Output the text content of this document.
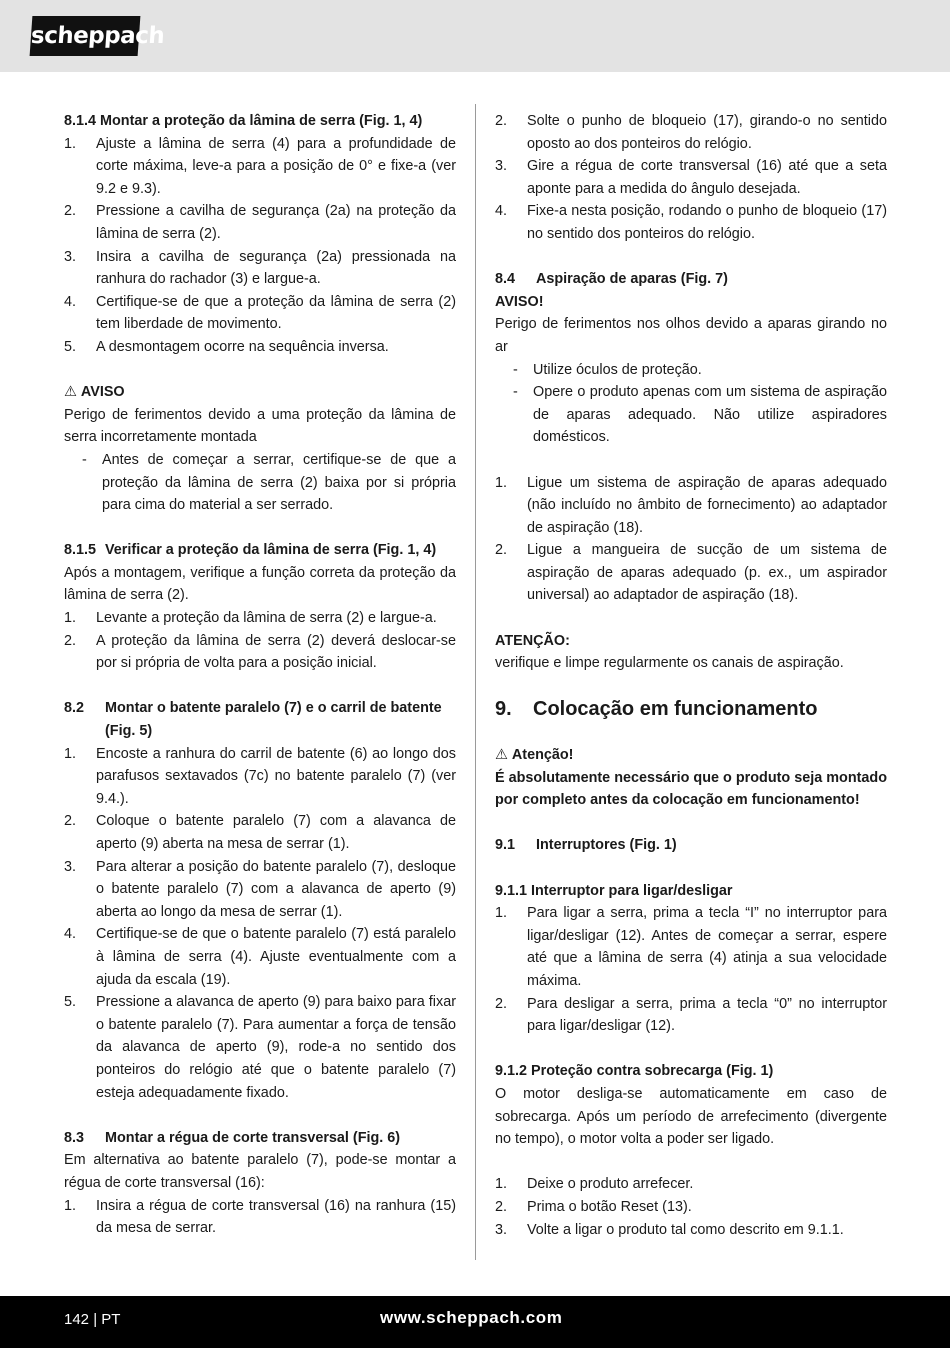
scheppach

8.1.4 Montar a proteção da lâmina de serra (Fig. 1, 4)

1.	Ajuste a lâmina de serra (4) para a profundidade de corte máxima, leve-a para a posição de 0° e fixe-a (ver 9.2 e 9.3).
2.	Pressione a cavilha de segurança (2a) na proteção da lâmina de serra (2).
3.	Insira a cavilha de segurança (2a) pressionada na ranhura do rachador (3) e largue-a.
4.	Certifique-se de que a proteção da lâmina de serra (2) tem liberdade de movimento.
5.	A desmontagem ocorre na sequência inversa.

⚠ AVISO

Perigo de ferimentos devido a uma proteção da lâmina de serra incorretamente montada

-	Antes de começar a serrar, certifique-se de que a proteção da lâmina de serra (2) baixa por si própria para cima do material a ser serrado.
8.1.5 Verificar a proteção da lâmina de serra (Fig. 1, 4)

Após a montagem, verifique a função correta da proteção da lâmina de serra (2).

1.	Levante a proteção da lâmina de serra (2) e largue-a.
2.	A proteção da lâmina de serra (2) deverá deslocar-se por si própria de volta para a posição inicial.
8.2	Montar o batente paralelo (7) e o carril de batente (Fig. 5)
1.	Encoste a ranhura do carril de batente (6) ao longo dos parafusos sextavados (7c) no batente paralelo (7) (ver 9.4.).
2.	Coloque o batente paralelo (7) com a alavanca de aperto (9) aberta na mesa de serrar (1).
3.	Para alterar a posição do batente paralelo (7), desloque o batente paralelo (7) com a alavanca de aperto (9) aberta ao longo da mesa de serrar (1).
4.	Certifique-se de que o batente paralelo (7) está paralelo à lâmina de serra (4). Ajuste eventualmente com a ajuda da escala (19).
5.	Pressione a alavanca de aperto (9) para baixo para fixar o batente paralelo (7). Para aumentar a força de tensão da alavanca de aperto (9), rode-a no sentido dos ponteiros do relógio até que o batente paralelo (7) esteja adequadamente fixado.
8.3	Montar a régua de corte transversal (Fig. 6)

Em alternativa ao batente paralelo (7), pode-se montar a régua de corte transversal (16):

1.	Insira a régua de corte transversal (16) na ranhura (15) da mesa de serrar.
2.	Solte o punho de bloqueio (17), girando-o no sentido oposto ao dos ponteiros do relógio.
3.	Gire a régua de corte transversal (16) até que a seta aponte para a medida do ângulo desejada.
4.	Fixe-a nesta posição, rodando o punho de bloqueio (17) no sentido dos ponteiros do relógio.
8.4	Aspiração de aparas (Fig. 7)

AVISO!

Perigo de ferimentos nos olhos devido a aparas girando no ar

-	Utilize óculos de proteção.
-	Opere o produto apenas com um sistema de aspiração de aparas adequado. Não utilize aspiradores domésticos.
1.	Ligue um sistema de aspiração de aparas adequado (não incluído no âmbito de fornecimento) ao adaptador de aspiração (18).
2.	Ligue a mangueira de sucção de um sistema de aspiração de aparas adequado (p. ex., um aspirador universal) ao adaptador de aspiração (18).

ATENÇÃO:

verifique e limpe regularmente os canais de aspiração.

9.	Colocação em funcionamento

⚠ Atenção!

É absolutamente necessário que o produto seja montado por completo antes da colocação em funcionamento!

9.1	Interruptores (Fig. 1)

9.1.1 Interruptor para ligar/desligar

1.	Para ligar a serra, prima a tecla “I” no interruptor para ligar/desligar (12). Antes de começar a serrar, espere até que a lâmina de serra (4) atinja a sua velocidade máxima.
2.	Para desligar a serra, prima a tecla “0” no interruptor para ligar/desligar (12).

9.1.2 Proteção contra sobrecarga (Fig. 1)

O motor desliga-se automaticamente em caso de sobrecarga. Após um período de arrefecimento (divergente no tempo), o motor volta a poder ser ligado.

1.	Deixe o produto arrefecer.
2.	Prima o botão Reset (13).
3.	Volte a ligar o produto tal como descrito em 9.1.1.
142 | PT	www.scheppach.com
